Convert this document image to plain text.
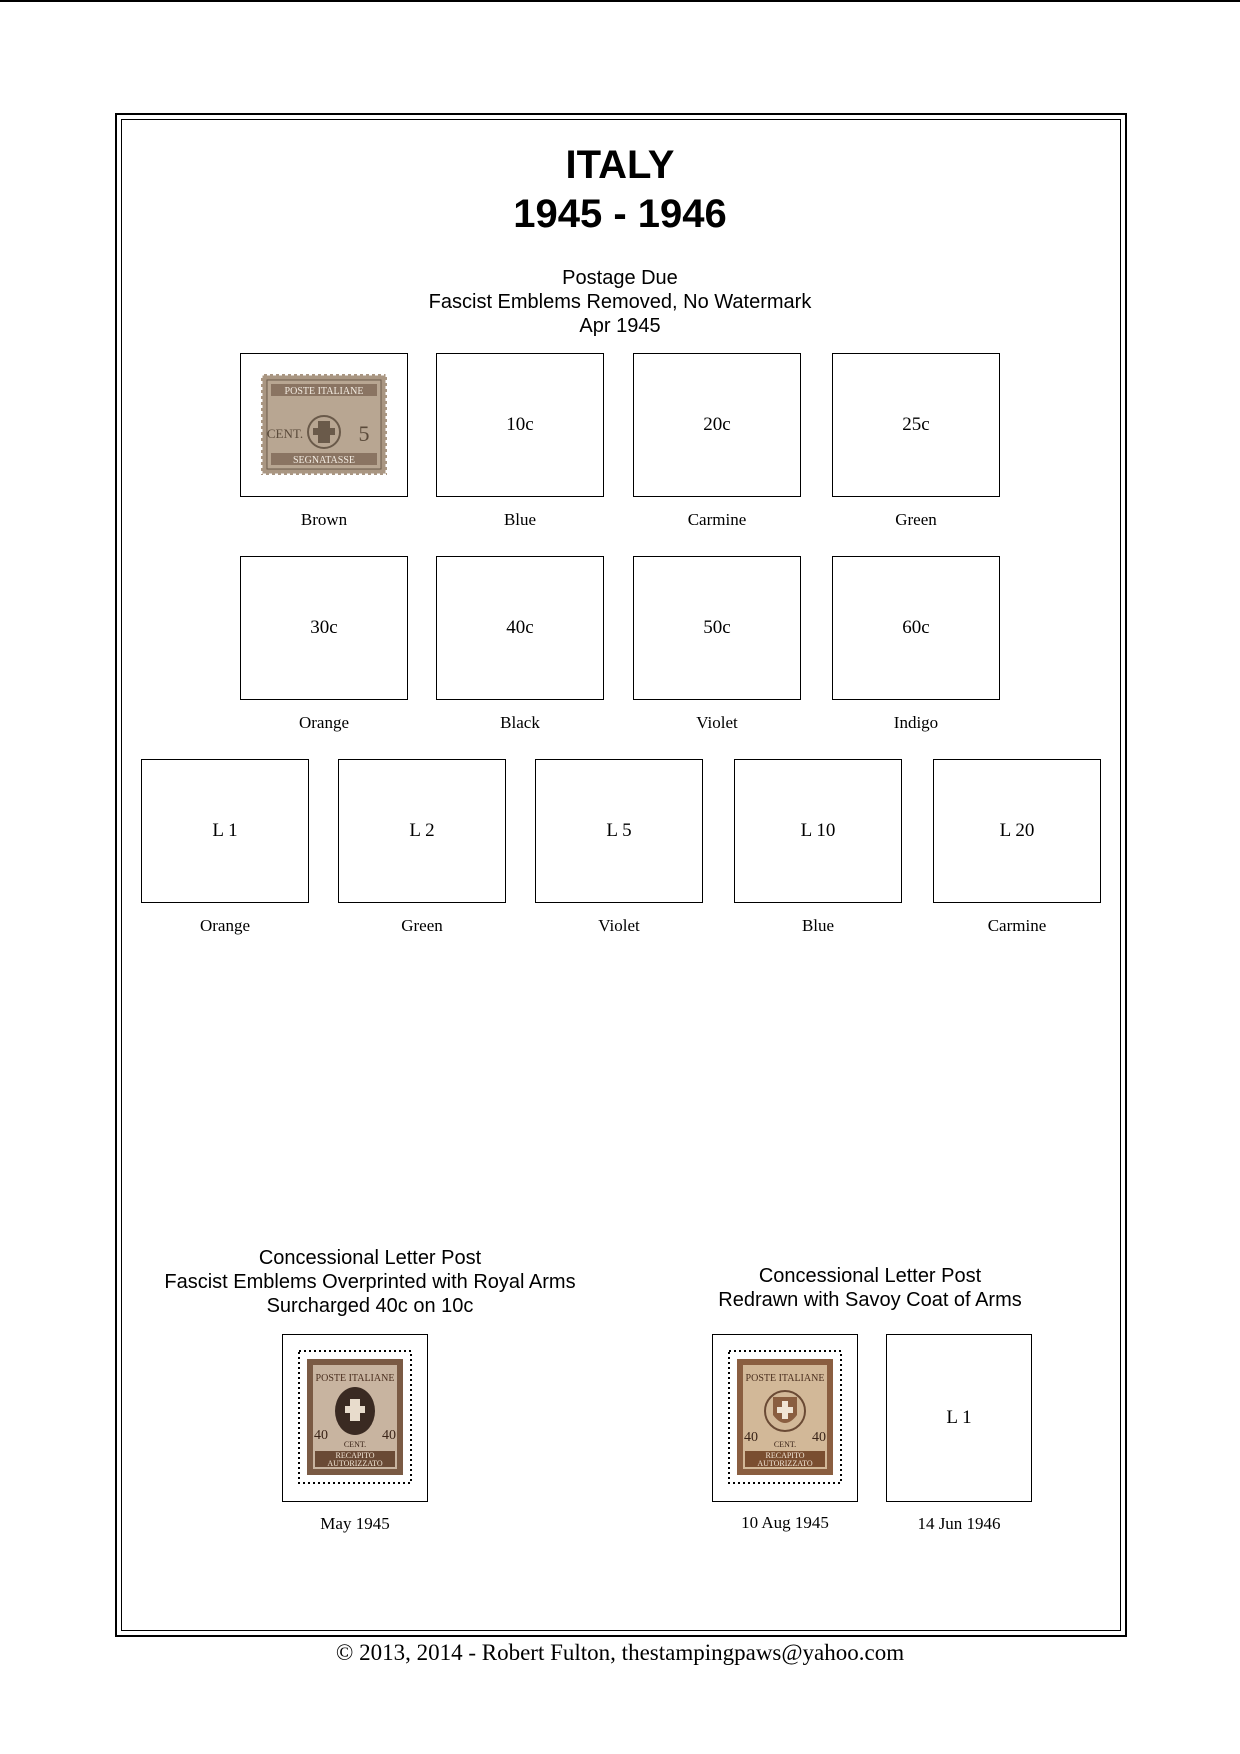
ITALY
1945 - 1946
Postage Due
Fascist Emblems Removed, No Watermark
Apr 1945
POSTE ITALIANE
CENT.	5
SEGNATASSE
Brown
10c
Blue
20c
Carmine
25c
Green
30c
Orange
40c
Black
50c
Violet
60c
Indigo
L 1
Orange
L 2
Green
L 5
Violet
L 10
Blue
L 20
Carmine
Concessional Letter Post
Fascist Emblems Overprinted with Royal Arms
Surcharged 40c on 10c
POSTE ITALIANE
40	40
CENT.
RECAPITO
AUTORIZZATO
May 1945
Concessional Letter Post
Redrawn with Savoy Coat of Arms
POSTE ITALIANE
40	40
CENT.
RECAPITO
AUTORIZZATO
10 Aug 1945
L 1
14 Jun 1946
© 2013, 2014 - Robert Fulton, thestampingpaws@yahoo.com
